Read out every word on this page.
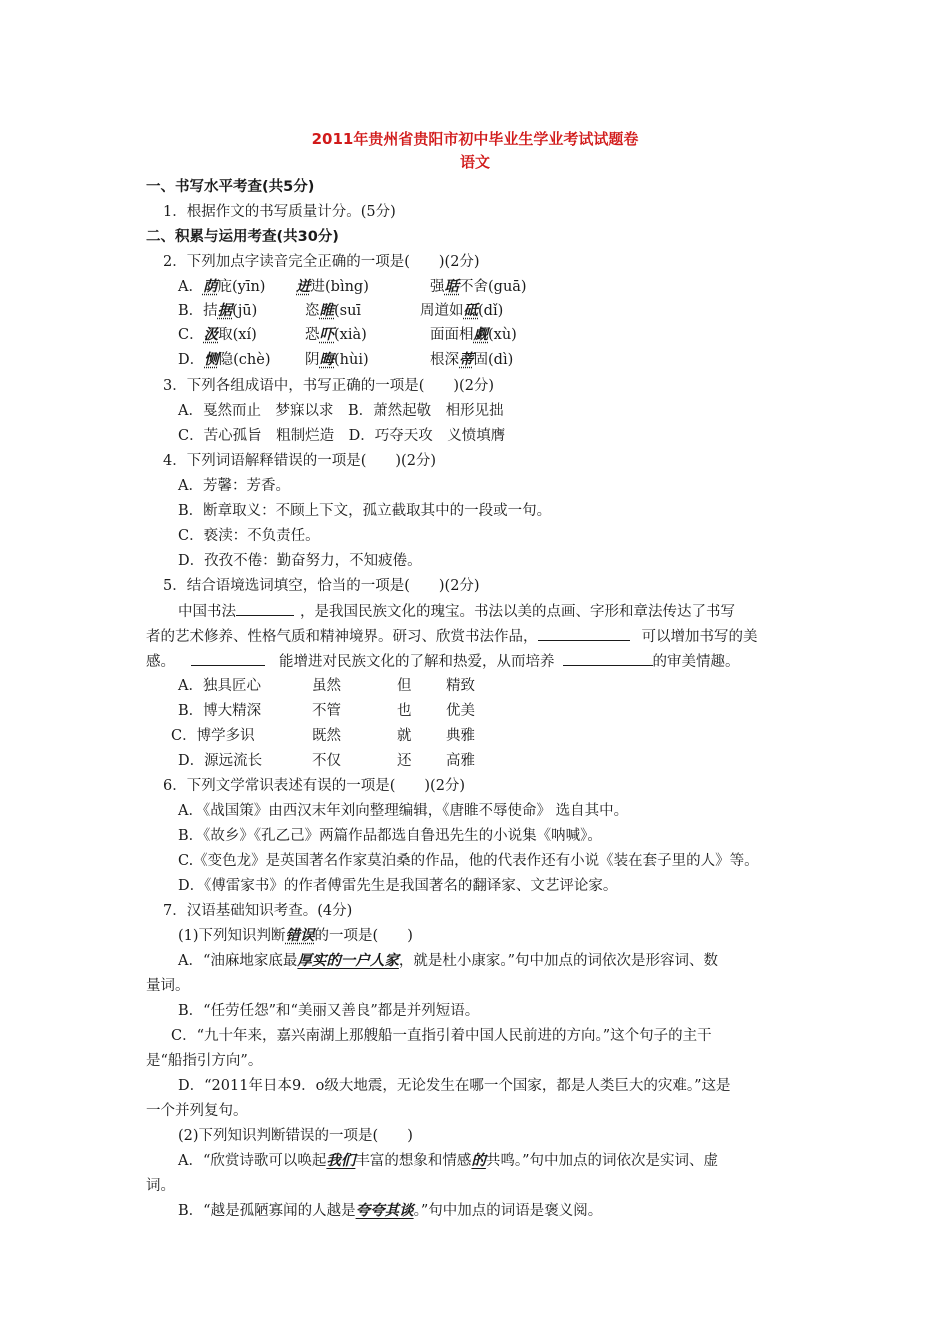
2011年贵州省贵阳市初中毕业生学业考试试题卷
语文
一、书写水平考查(共5分)
1．根据作文的书写质量计分。(5分)
二、积累与运用考查(共30分)
2．下列加点字读音完全正确的一项是(　　)(2分)
A．荫庇(yīn) 迸进(bìng)	强聒不舍(guā)
B．拮据(jū)	恣睢(suī	周道如砥(dǐ)
C．汲取(xí)	恐吓(xià)	面面相觑(xù)
D．恻隐(chè) 阴晦(hùi)	根深蒂固(dì)
3．下列各组成语中，书写正确的一项是(　　)(2分)
A．戛然而止　梦寐以求　B．萧然起敬　相形见拙
C．苦心孤旨　粗制烂造　D．巧夺天攻　义愤填膺
4．下列词语解释错误的一项是(　　)(2分)
A．芳馨：芳香。
B．断章取义：不顾上下文，孤立截取其中的一段或一句。
C．亵渎：不负责任。
D．孜孜不倦：勤奋努力，不知疲倦。
5．结合语境选词填空，恰当的一项是(　　)(2分)
中国书法	，是我国民族文化的瑰宝。书法以美的点画、字形和章法传达了书写
者的艺术修养、性格气质和精神境界。研习、欣赏书法作品，	可以增加书写的美
感。	能增进对民族文化的了解和热爱，从而培养	的审美情趣。
A．独具匠心	虽然	但 精致
B．博大精深	不管	也 优美
C．博学多识	既然	就 典雅
D．源远流长	不仅	还 高雅
6．下列文学常识表述有误的一项是(　　)(2分)
A．《战国策》由西汉末年刘向整理编辑，《唐睢不辱使命》 选自其中。
B．《故乡》《孔乙己》两篇作品都选自鲁迅先生的小说集《呐喊》。
C.《变色龙》是英国著名作家莫泊桑的作品，他的代表作还有小说《装在套子里的人》等。
D．《傅雷家书》的作者傅雷先生是我国著名的翻译家、文艺评论家。
7．汉语基础知识考查。(4分)
(1)下列知识判断错误的一项是(　　)
A．“油麻地家底最厚实的一户人家，就是杜小康家。”句中加点的词依次是形容词、数
量词。
B．“任劳任怨”和“美丽又善良”都是并列短语。
C．“九十年来，嘉兴南湖上那艘船一直指引着中国人民前进的方向。”这个句子的主干
是“船指引方向”。
D．“2011年日本9．o级大地震，无论发生在哪一个国家，都是人类巨大的灾难。”这是
一个并列复句。
(2)下列知识判断错误的一项是(　　)
A．“欣赏诗歌可以唤起我们丰富的想象和情感的共鸣。”句中加点的词依次是实词、虚
词。
B．“越是孤陋寡闻的人越是夸夸其谈。”句中加点的词语是褒义阅。
